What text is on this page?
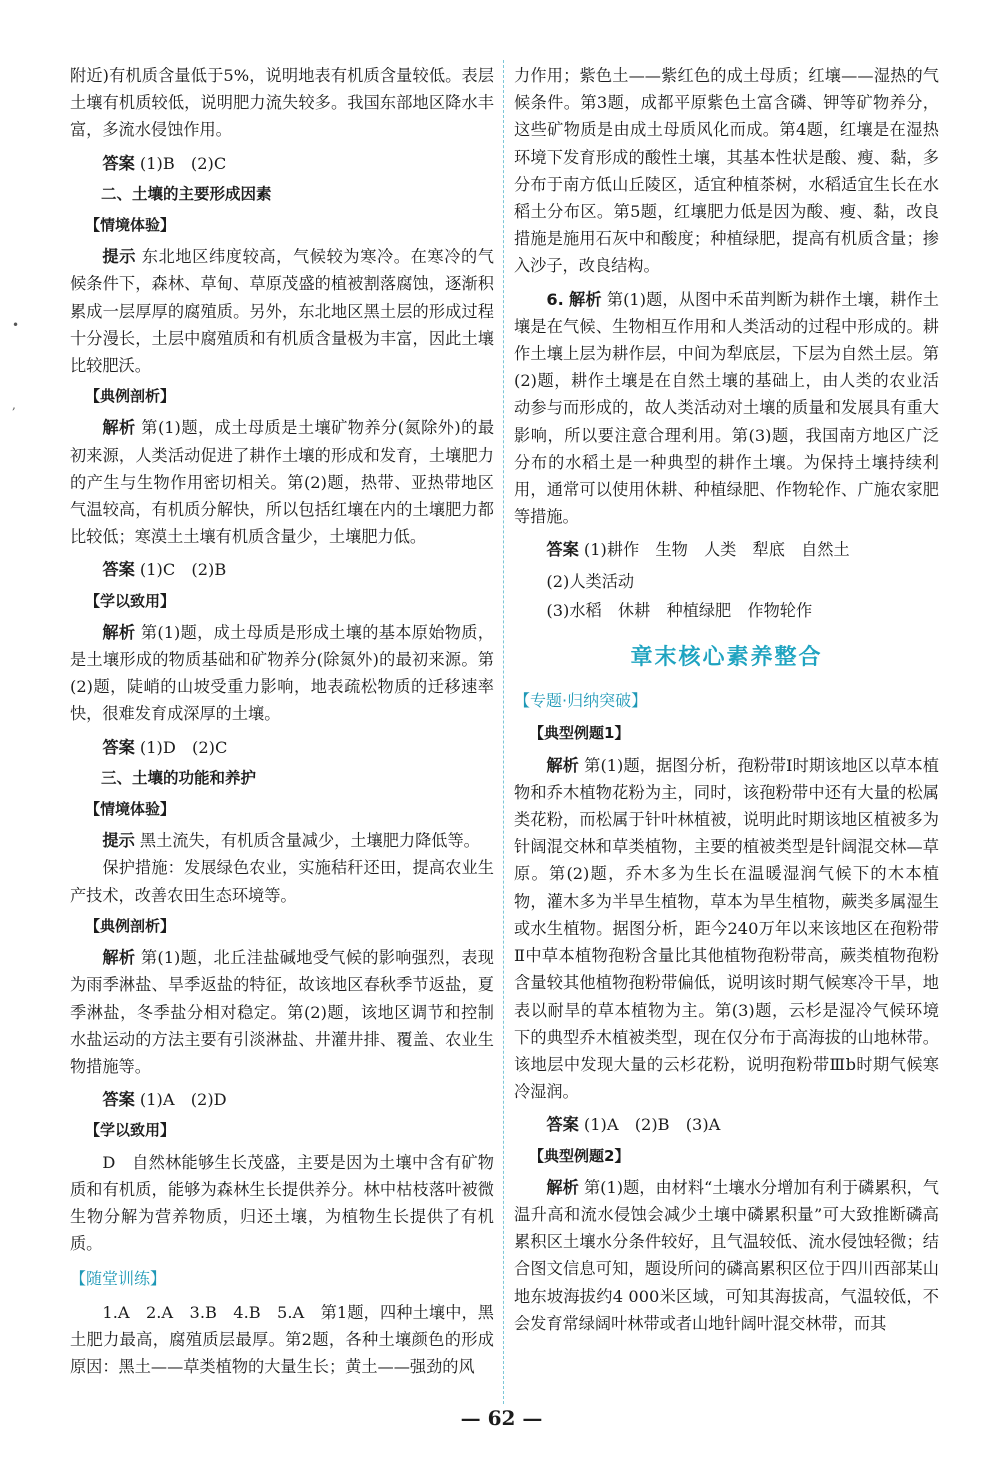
•
,

附近)有机质含量低于5%，说明地表有机质含量较低。表层土壤有机质较低，说明肥力流失较多。我国东部地区降水丰富，多流水侵蚀作用。

答案 (1)B　(2)C

二、土壤的主要形成因素

【情境体验】

提示 东北地区纬度较高，气候较为寒冷。在寒冷的气候条件下，森林、草甸、草原茂盛的植被割落腐蚀，逐渐积累成一层厚厚的腐殖质。另外，东北地区黑土层的形成过程十分漫长，土层中腐殖质和有机质含量极为丰富，因此土壤比较肥沃。

【典例剖析】

解析 第(1)题，成土母质是土壤矿物养分(氮除外)的最初来源，人类活动促进了耕作土壤的形成和发育，土壤肥力的产生与生物作用密切相关。第(2)题，热带、亚热带地区气温较高，有机质分解快，所以包括红壤在内的土壤肥力都比较低；寒漠土土壤有机质含量少，土壤肥力低。

答案 (1)C　(2)B

【学以致用】

解析 第(1)题，成土母质是形成土壤的基本原始物质，是土壤形成的物质基础和矿物养分(除氮外)的最初来源。第(2)题，陡峭的山坡受重力影响，地表疏松物质的迁移速率快，很难发育成深厚的土壤。

答案 (1)D　(2)C

三、土壤的功能和养护

【情境体验】

提示 黑土流失，有机质含量减少，土壤肥力降低等。

保护措施：发展绿色农业，实施秸秆还田，提高农业生产技术，改善农田生态环境等。

【典例剖析】

解析 第(1)题，北丘洼盐碱地受气候的影响强烈，表现为雨季淋盐、旱季返盐的特征，故该地区春秋季节返盐，夏季淋盐，冬季盐分相对稳定。第(2)题，该地区调节和控制水盐运动的方法主要有引淡淋盐、井灌井排、覆盖、农业生物措施等。

答案 (1)A　(2)D

【学以致用】

D　自然林能够生长茂盛，主要是因为土壤中含有矿物质和有机质，能够为森林生长提供养分。林中枯枝落叶被微生物分解为营养物质，归还土壤，为植物生长提供了有机质。

【随堂训练】

1.A　2.A　3.B　4.B　5.A　第1题，四种土壤中，黑土肥力最高，腐殖质层最厚。第2题，各种土壤颜色的形成原因：黑土——草类植物的大量生长；黄土——强劲的风

力作用；紫色土——紫红色的成土母质；红壤——湿热的气候条件。第3题，成都平原紫色土富含磷、钾等矿物养分，这些矿物质是由成土母质风化而成。第4题，红壤是在湿热环境下发育形成的酸性土壤，其基本性状是酸、瘦、黏，多分布于南方低山丘陵区，适宜种植茶树，水稻适宜生长在水稻土分布区。第5题，红壤肥力低是因为酸、瘦、黏，改良措施是施用石灰中和酸度；种植绿肥，提高有机质含量；掺入沙子，改良结构。

6. 解析 第(1)题，从图中禾苗判断为耕作土壤，耕作土壤是在气候、生物相互作用和人类活动的过程中形成的。耕作土壤上层为耕作层，中间为犁底层，下层为自然土层。第(2)题，耕作土壤是在自然土壤的基础上，由人类的农业活动参与而形成的，故人类活动对土壤的质量和发展具有重大影响，所以要注意合理利用。第(3)题，我国南方地区广泛分布的水稻土是一种典型的耕作土壤。为保持土壤持续利用，通常可以使用休耕、种植绿肥、作物轮作、广施农家肥等措施。

答案 (1)耕作　生物　人类　犁底　自然土

(2)人类活动

(3)水稻　休耕　种植绿肥　作物轮作

章末核心素养整合

【专题·归纳突破】

【典型例题1】

解析 第(1)题，据图分析，孢粉带Ⅰ时期该地区以草本植物和乔木植物花粉为主，同时，该孢粉带中还有大量的松属类花粉，而松属于针叶林植被，说明此时期该地区植被多为针阔混交林和草类植物，主要的植被类型是针阔混交林—草原。第(2)题，乔木多为生长在温暖湿润气候下的木本植物，灌木多为半旱生植物，草本为旱生植物，蕨类多属湿生或水生植物。据图分析，距今240万年以来该地区在孢粉带Ⅱ中草本植物孢粉含量比其他植物孢粉带高，蕨类植物孢粉含量较其他植物孢粉带偏低，说明该时期气候寒冷干旱，地表以耐旱的草本植物为主。第(3)题，云杉是湿冷气候环境下的典型乔木植被类型，现在仅分布于高海拔的山地林带。该地层中发现大量的云杉花粉，说明孢粉带Ⅲb时期气候寒冷湿润。

答案 (1)A　(2)B　(3)A

【典型例题2】

解析 第(1)题，由材料“土壤水分增加有利于磷累积，气温升高和流水侵蚀会减少土壤中磷累积量”可大致推断磷高累积区土壤水分条件较好，且气温较低、流水侵蚀轻微；结合图文信息可知，题设所问的磷高累积区位于四川西部某山地东坡海拔约4 000米区域，可知其海拔高，气温较低，不会发育常绿阔叶林带或者山地针阔叶混交林带，而其

— 62 —
